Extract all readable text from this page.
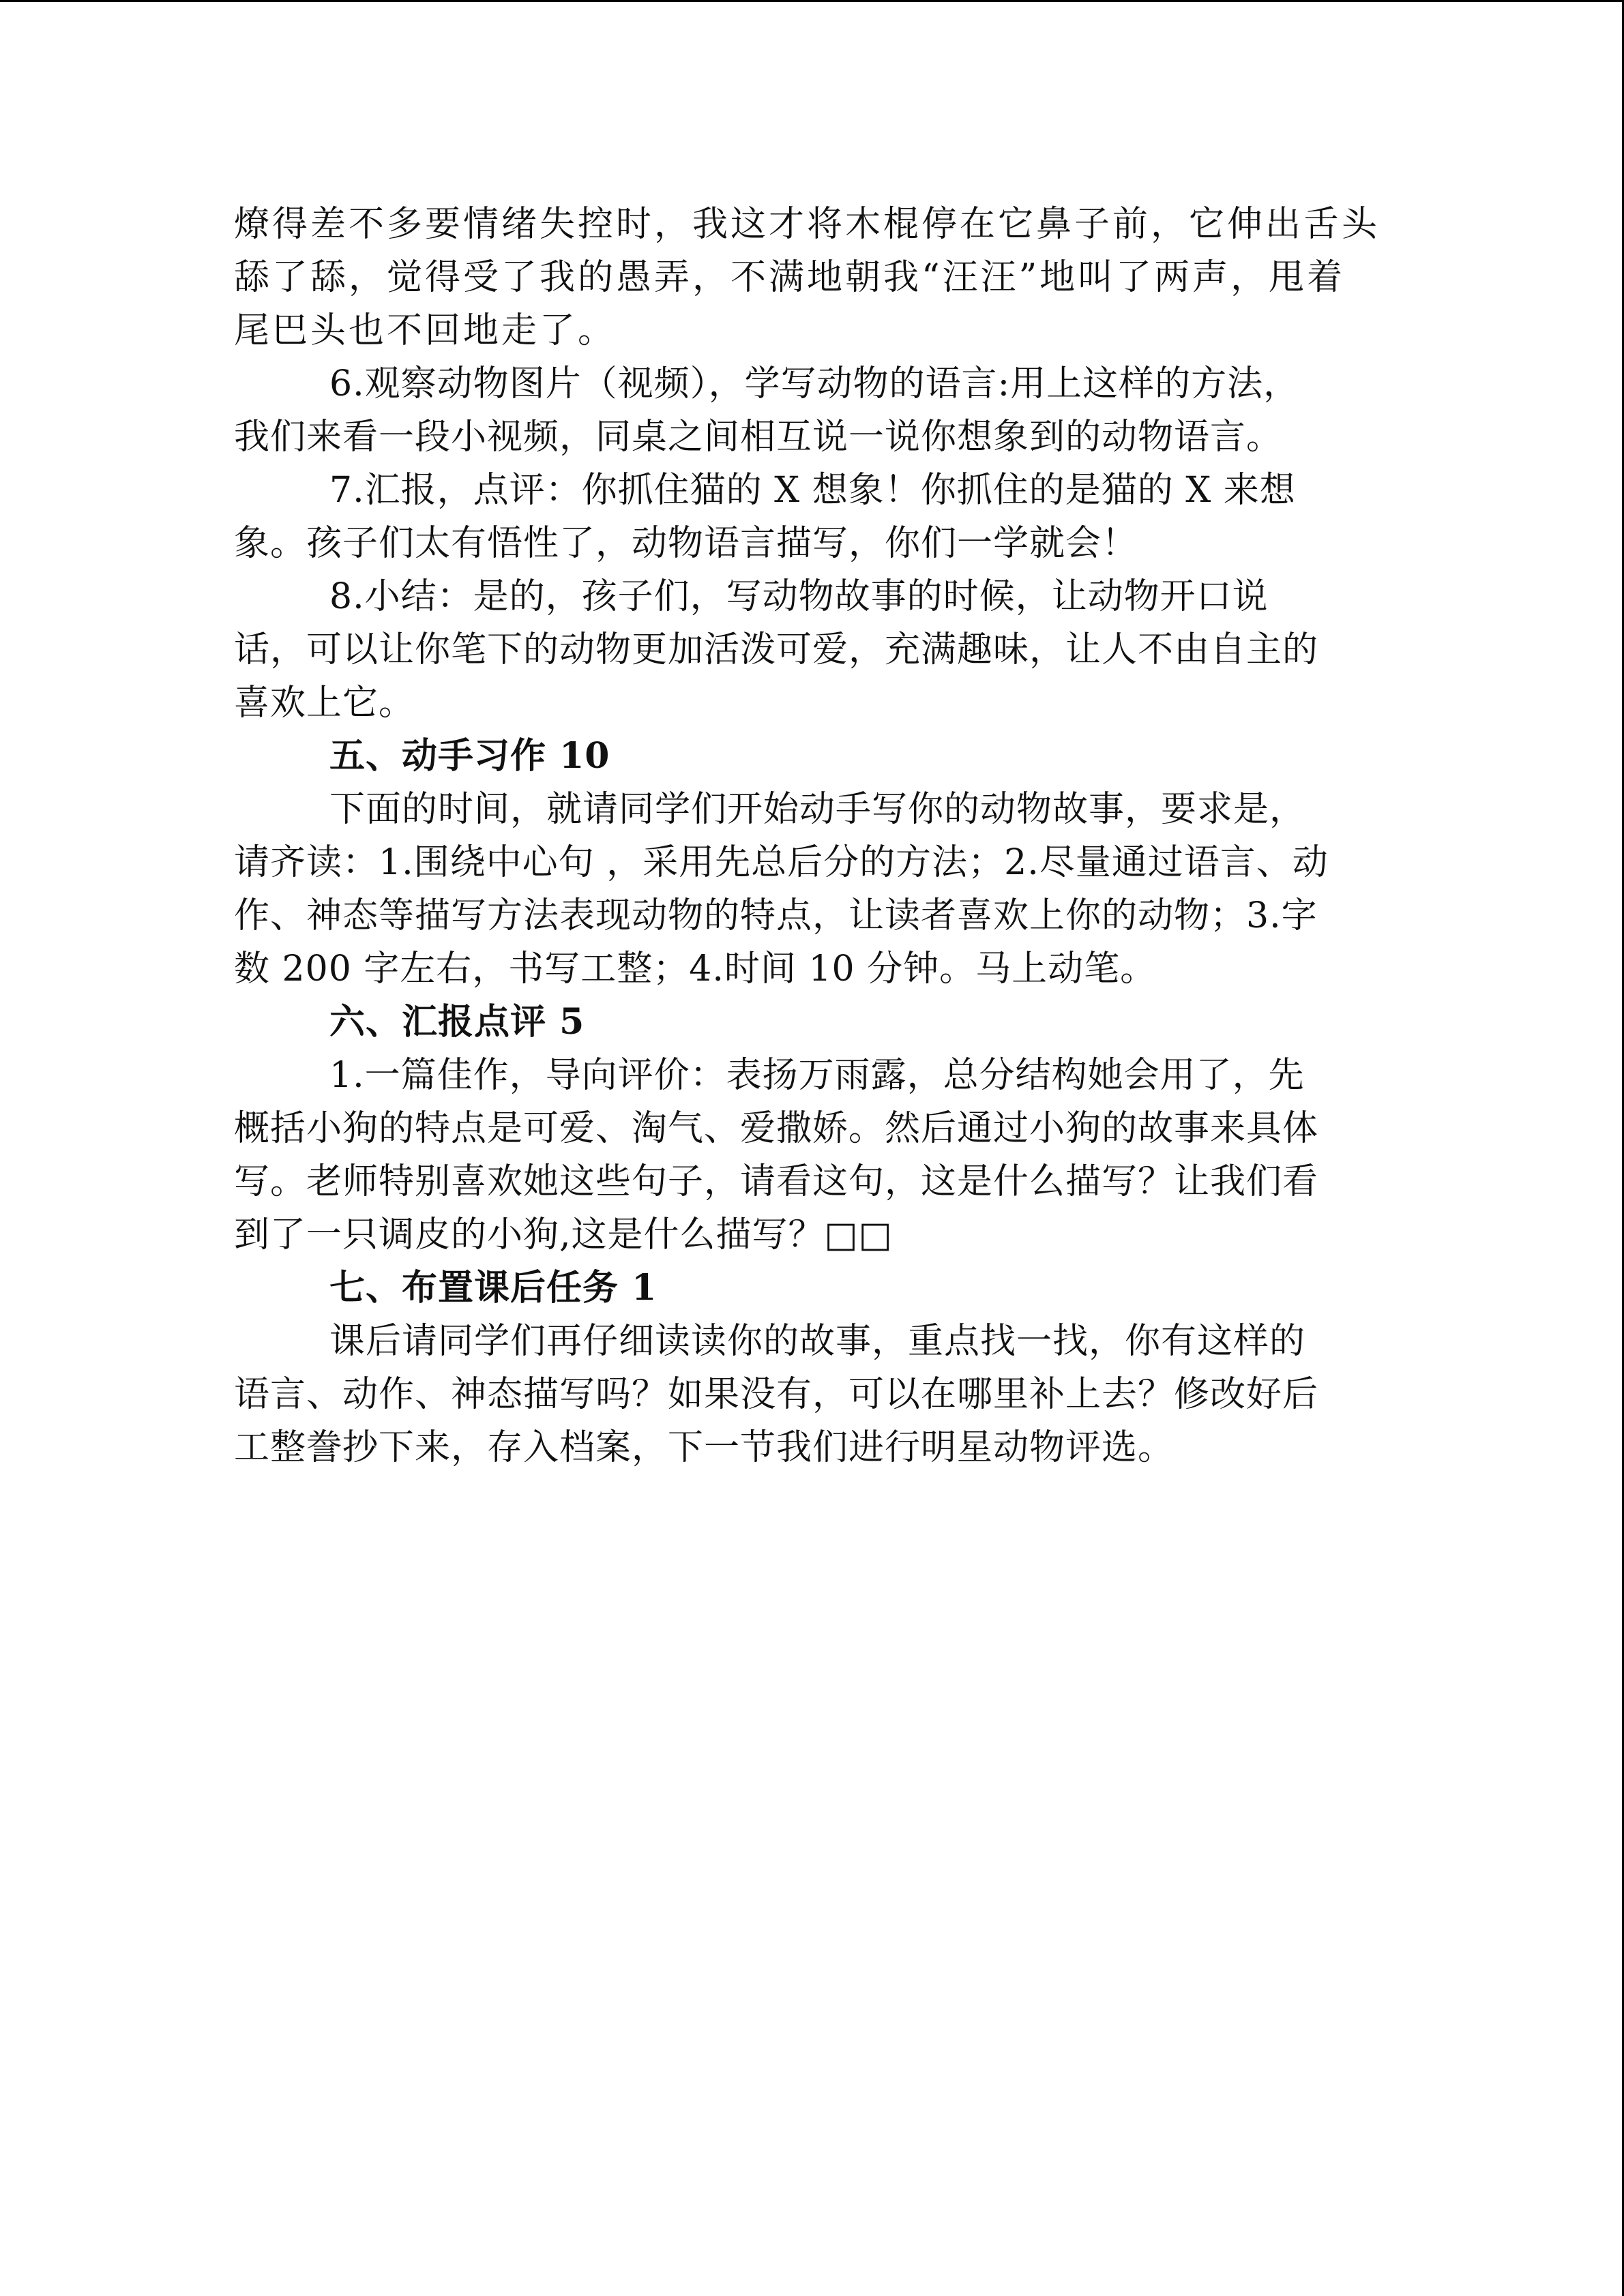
燎得差不多要情绪失控时，我这才将木棍停在它鼻子前，它伸出舌头
舔了舔，觉得受了我的愚弄，不满地朝我“汪汪”地叫了两声，甩着
尾巴头也不回地走了。
6.观察动物图片（视频），学写动物的语言:用上这样的方法，
我们来看一段小视频，同桌之间相互说一说你想象到的动物语言。
7.汇报，点评：你抓住猫的 X 想象！你抓住的是猫的 X 来想
象。孩子们太有悟性了，动物语言描写，你们一学就会！
8.小结：是的，孩子们，写动物故事的时候，让动物开口说
话，可以让你笔下的动物更加活泼可爱，充满趣味，让人不由自主的
喜欢上它。
五、动手习作 10
下面的时间，就请同学们开始动手写你的动物故事，要求是，
请齐读：1.围绕中心句 ，采用先总后分的方法；2.尽量通过语言、动
作、神态等描写方法表现动物的特点，让读者喜欢上你的动物；3.字
数 200 字左右，书写工整；4.时间 10 分钟。马上动笔。
六、汇报点评 5
1.一篇佳作，导向评价：表扬万雨露，总分结构她会用了，先
概括小狗的特点是可爱、淘气、爱撒娇。然后通过小狗的故事来具体
写。老师特别喜欢她这些句子，请看这句，这是什么描写？让我们看
到了一只调皮的小狗,这是什么描写？□□
七、布置课后任务 1
课后请同学们再仔细读读你的故事，重点找一找，你有这样的
语言、动作、神态描写吗？如果没有，可以在哪里补上去？修改好后
工整誊抄下来，存入档案，下一节我们进行明星动物评选。
